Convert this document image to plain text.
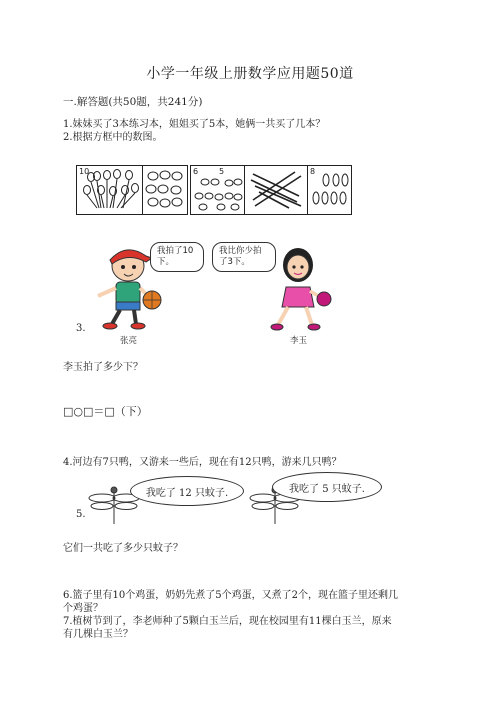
小学一年级上册数学应用题50道
一.解答题(共50题，共241分)
1.妹妹买了3本练习本，姐姐买了5本，她俩一共买了几本？
2.根据方框中的数图。
10	6	5	8
3.
我拍了10下。
张亮
我比你少拍了3下。
李玉
李玉拍了多少下？
□○□＝□（下）
4.河边有7只鸭，又游来一些后，现在有12只鸭，游来几只鸭？
5.
我吃了 12 只蚊子.	我吃了 5 只蚊子.
它们一共吃了多少只蚊子？
6.篮子里有10个鸡蛋，奶奶先煮了5个鸡蛋，又煮了2个，现在篮子里还剩几个鸡蛋？
7.植树节到了，李老师种了5颗白玉兰后，现在校园里有11棵白玉兰，原来有几棵白玉兰？
